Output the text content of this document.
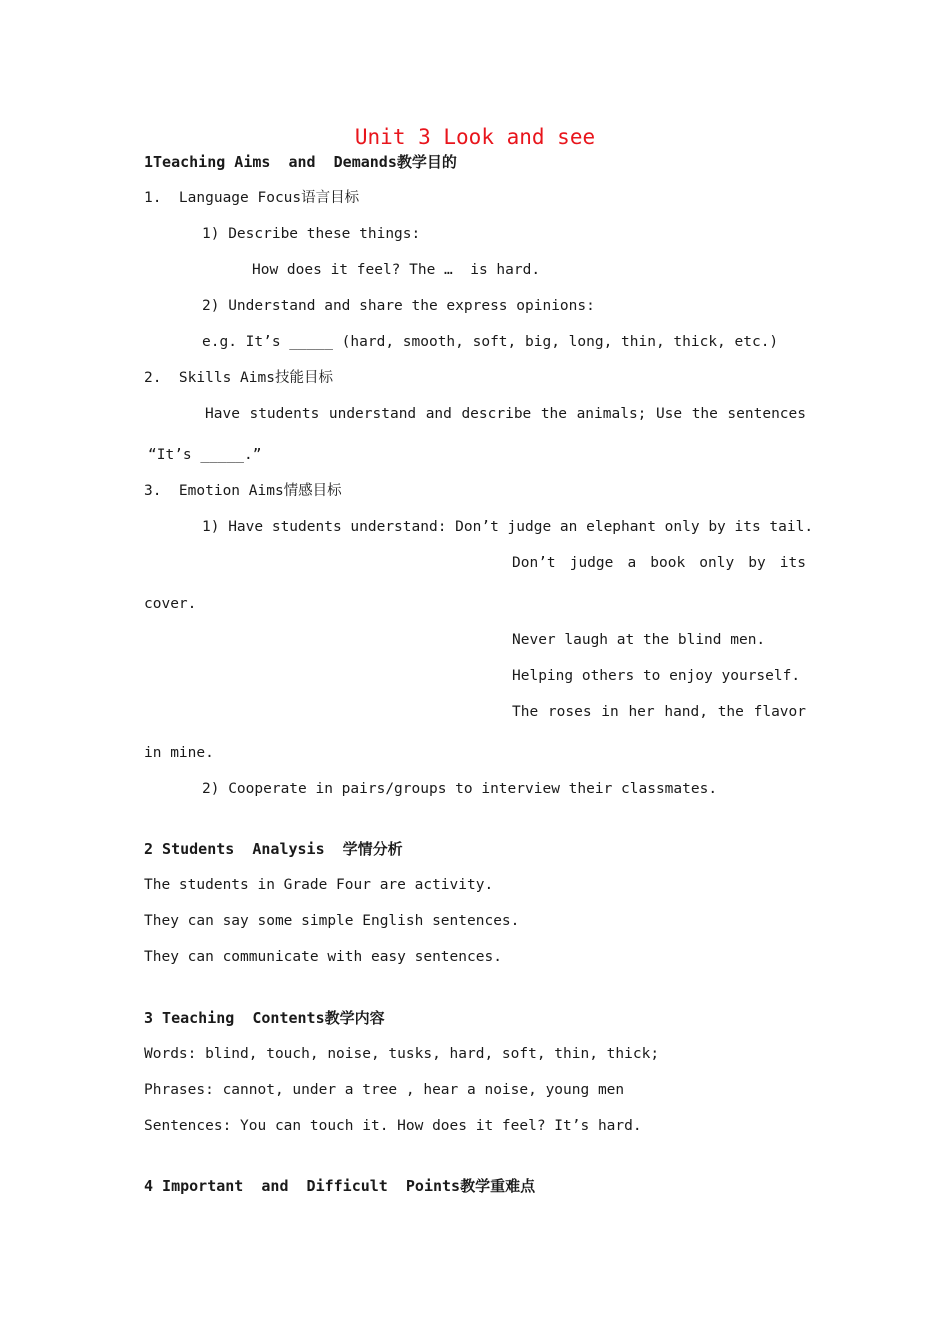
Unit 3 Look and see
1Teaching Aims  and  Demands教学目的
1.  Language Focus语言目标
1) Describe these things:
How does it feel? The …  is hard.
2) Understand and share the express opinions:
e.g. It’s _____ (hard, smooth, soft, big, long, thin, thick, etc.)
2.  Skills Aims技能目标
Have students understand and describe the animals; Use the sentences
“It’s _____.”
3.  Emotion Aims情感目标
1) Have students understand: Don’t judge an elephant only by its tail.
Don’t judge a book only by its
cover.
Never laugh at the blind men.
Helping others to enjoy yourself.
The roses in her hand, the flavor
in mine.
2) Cooperate in pairs/groups to interview their classmates.
2 Students  Analysis  学情分析
The students in Grade Four are activity.
They can say some simple English sentences.
They can communicate with easy sentences.
3 Teaching  Contents教学内容
Words: blind, touch, noise, tusks, hard, soft, thin, thick;
Phrases: cannot, under a tree , hear a noise, young men
Sentences: You can touch it. How does it feel? It’s hard.
4 Important  and  Difficult  Points教学重难点
